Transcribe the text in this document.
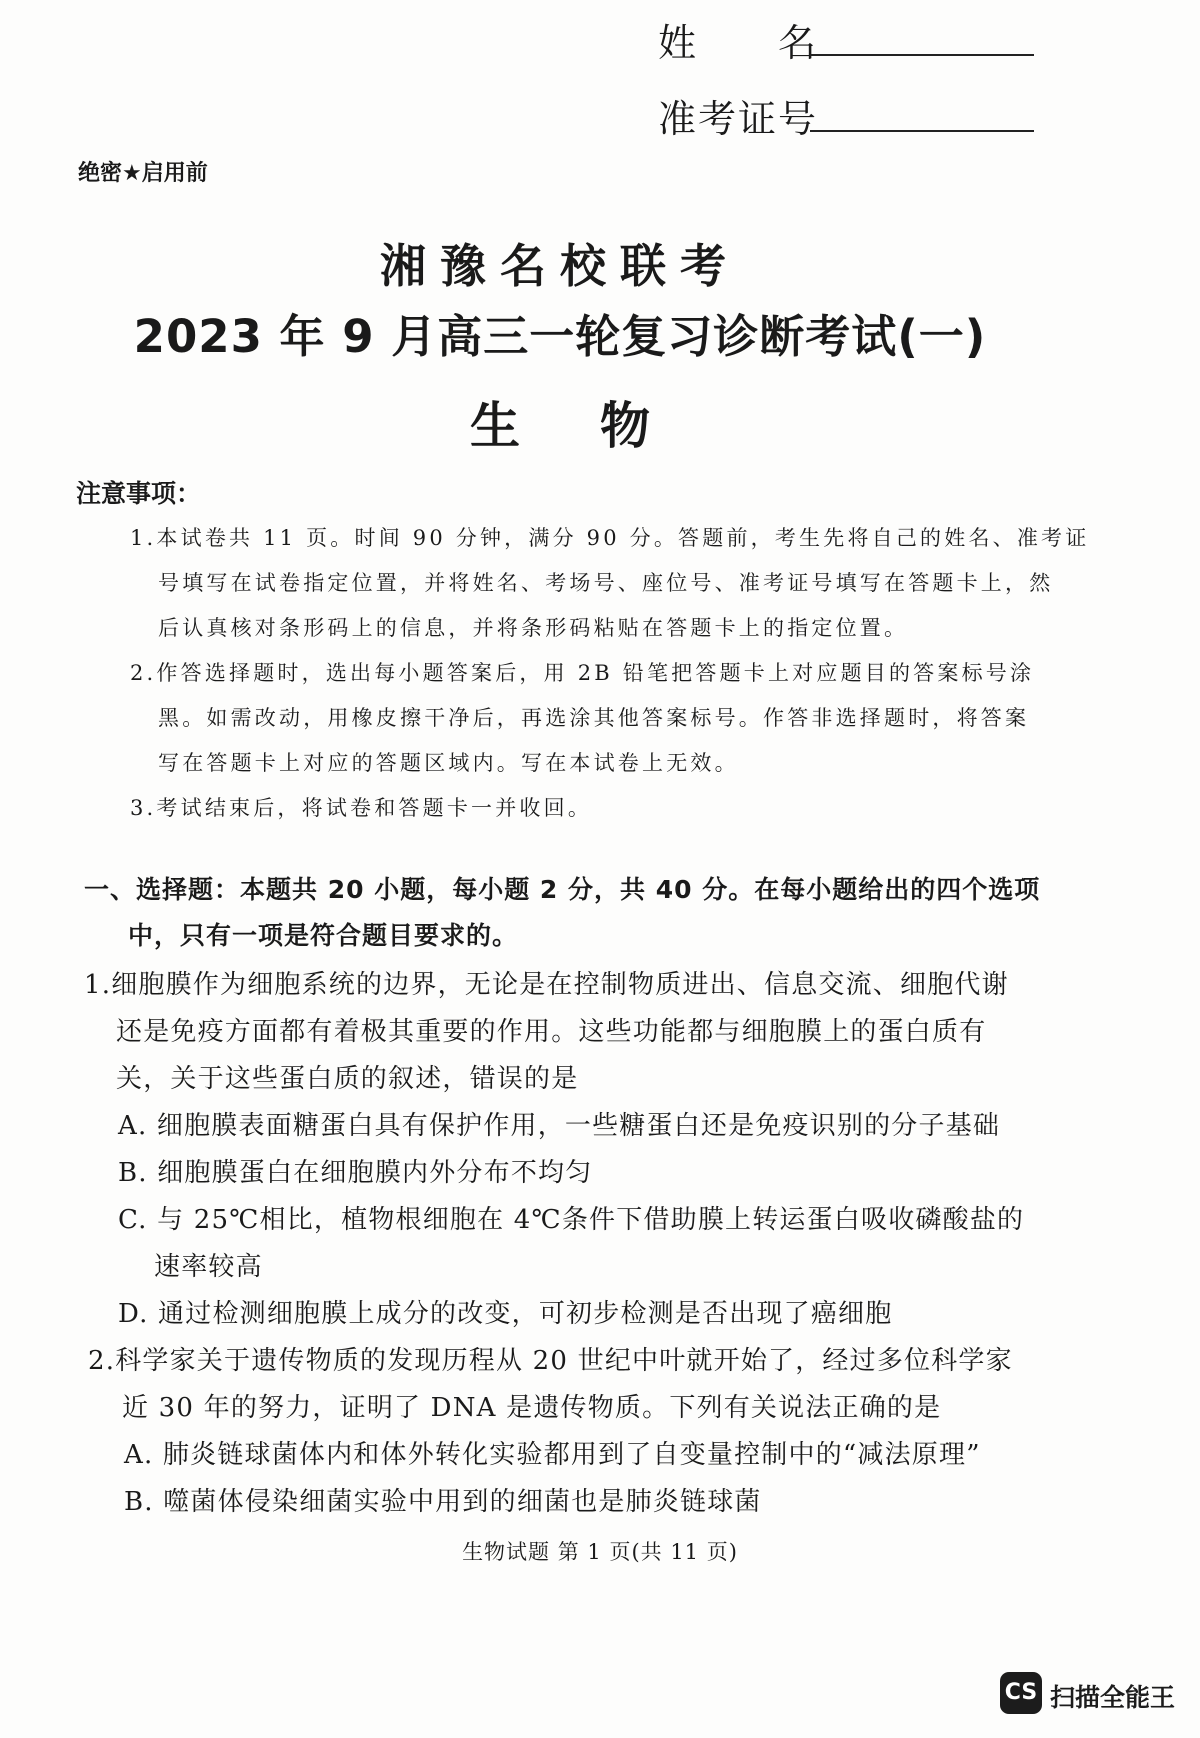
姓　　名
准考证号
绝密★启用前
湘豫名校联考
2023 年 9 月高三一轮复习诊断考试(一)
生物
注意事项：
1.本试卷共 11 页。时间 90 分钟，满分 90 分。答题前，考生先将自己的姓名、准考证
号填写在试卷指定位置，并将姓名、考场号、座位号、准考证号填写在答题卡上，然
后认真核对条形码上的信息，并将条形码粘贴在答题卡上的指定位置。
2.作答选择题时，选出每小题答案后，用 2B 铅笔把答题卡上对应题目的答案标号涂
黑。如需改动，用橡皮擦干净后，再选涂其他答案标号。作答非选择题时，将答案
写在答题卡上对应的答题区域内。写在本试卷上无效。
3.考试结束后，将试卷和答题卡一并收回。
一、选择题：本题共 20 小题，每小题 2 分，共 40 分。在每小题给出的四个选项
中，只有一项是符合题目要求的。
1.细胞膜作为细胞系统的边界，无论是在控制物质进出、信息交流、细胞代谢
还是免疫方面都有着极其重要的作用。这些功能都与细胞膜上的蛋白质有
关，关于这些蛋白质的叙述，错误的是
A. 细胞膜表面糖蛋白具有保护作用，一些糖蛋白还是免疫识别的分子基础
B. 细胞膜蛋白在细胞膜内外分布不均匀
C. 与 25℃相比，植物根细胞在 4℃条件下借助膜上转运蛋白吸收磷酸盐的
速率较高
D. 通过检测细胞膜上成分的改变，可初步检测是否出现了癌细胞
2.科学家关于遗传物质的发现历程从 20 世纪中叶就开始了，经过多位科学家
近 30 年的努力，证明了 DNA 是遗传物质。下列有关说法正确的是
A. 肺炎链球菌体内和体外转化实验都用到了自变量控制中的“减法原理”
B. 噬菌体侵染细菌实验中用到的细菌也是肺炎链球菌
生物试题 第 1 页(共 11 页)
CS 扫描全能王
